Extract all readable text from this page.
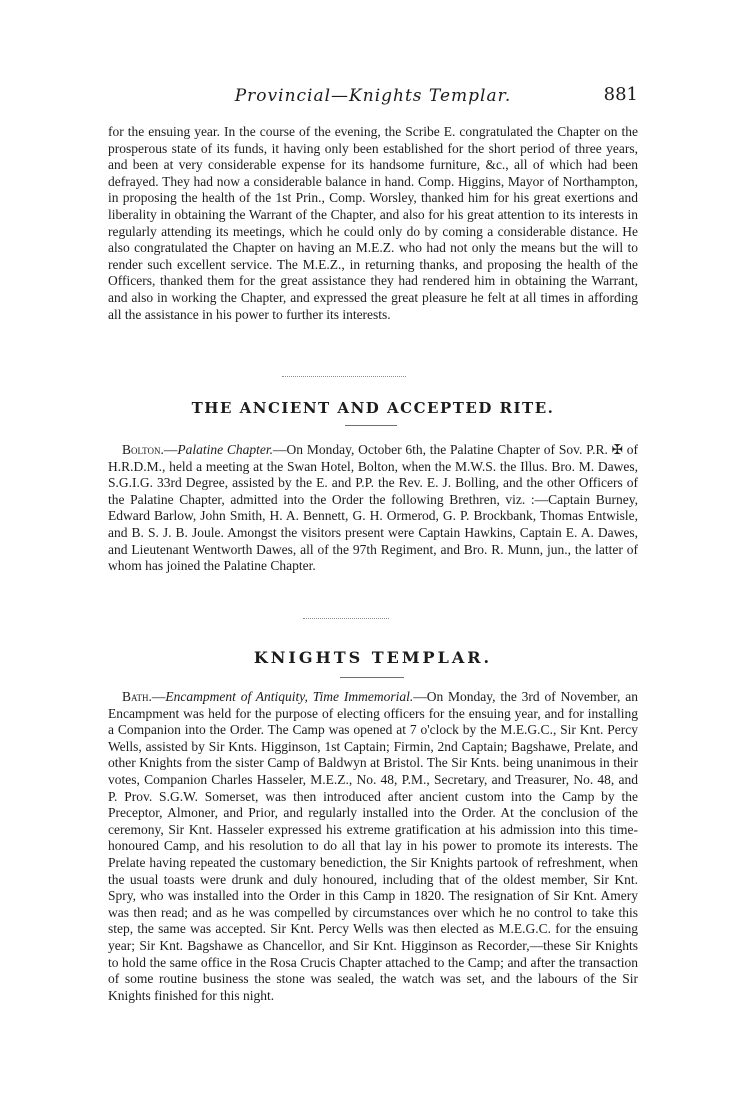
Provincial—Knights Templar.	881

for the ensuing year. In the course of the evening, the Scribe E. congratulated the Chapter on the prosperous state of its funds, it having only been established for the short period of three years, and been at very considerable expense for its handsome furniture, &c., all of which had been defrayed. They had now a considerable balance in hand. Comp. Higgins, Mayor of Northampton, in proposing the health of the 1st Prin., Comp. Worsley, thanked him for his great exertions and liberality in obtaining the Warrant of the Chapter, and also for his great attention to its interests in regularly attending its meetings, which he could only do by coming a considerable distance. He also congratulated the Chapter on having an M.E.Z. who had not only the means but the will to render such excellent service. The M.E.Z., in returning thanks, and proposing the health of the Officers, thanked them for the great assistance they had rendered him in obtaining the Warrant, and also in working the Chapter, and expressed the great pleasure he felt at all times in affording all the assistance in his power to further its interests.

THE ANCIENT AND ACCEPTED RITE.

Bolton.—Palatine Chapter.—On Monday, October 6th, the Palatine Chapter of Sov. P.R. ✠ of H.R.D.M., held a meeting at the Swan Hotel, Bolton, when the M.W.S. the Illus. Bro. M. Dawes, S.G.I.G. 33rd Degree, assisted by the E. and P.P. the Rev. E. J. Bolling, and the other Officers of the Palatine Chapter, admitted into the Order the following Brethren, viz. :—Captain Burney, Edward Barlow, John Smith, H. A. Bennett, G. H. Ormerod, G. P. Brockbank, Thomas Entwisle, and B. S. J. B. Joule. Amongst the visitors present were Captain Hawkins, Captain E. A. Dawes, and Lieutenant Wentworth Dawes, all of the 97th Regiment, and Bro. R. Munn, jun., the latter of whom has joined the Palatine Chapter.

KNIGHTS TEMPLAR.

Bath.—Encampment of Antiquity, Time Immemorial.—On Monday, the 3rd of November, an Encampment was held for the purpose of electing officers for the ensuing year, and for installing a Companion into the Order. The Camp was opened at 7 o'clock by the M.E.G.C., Sir Knt. Percy Wells, assisted by Sir Knts. Higginson, 1st Captain; Firmin, 2nd Captain; Bagshawe, Prelate, and other Knights from the sister Camp of Baldwyn at Bristol. The Sir Knts. being unanimous in their votes, Companion Charles Hasseler, M.E.Z., No. 48, P.M., Secretary, and Treasurer, No. 48, and P. Prov. S.G.W. Somerset, was then introduced after ancient custom into the Camp by the Preceptor, Almoner, and Prior, and regularly installed into the Order. At the conclusion of the ceremony, Sir Knt. Hasseler expressed his extreme gratification at his admission into this time-honoured Camp, and his resolution to do all that lay in his power to promote its interests. The Prelate having repeated the customary benediction, the Sir Knights partook of refreshment, when the usual toasts were drunk and duly honoured, including that of the oldest member, Sir Knt. Spry, who was installed into the Order in this Camp in 1820. The resignation of Sir Knt. Amery was then read; and as he was compelled by circumstances over which he no control to take this step, the same was accepted. Sir Knt. Percy Wells was then elected as M.E.G.C. for the ensuing year; Sir Knt. Bagshawe as Chancellor, and Sir Knt. Higginson as Recorder,—these Sir Knights to hold the same office in the Rosa Crucis Chapter attached to the Camp; and after the transaction of some routine business the stone was sealed, the watch was set, and the labours of the Sir Knights finished for this night.
